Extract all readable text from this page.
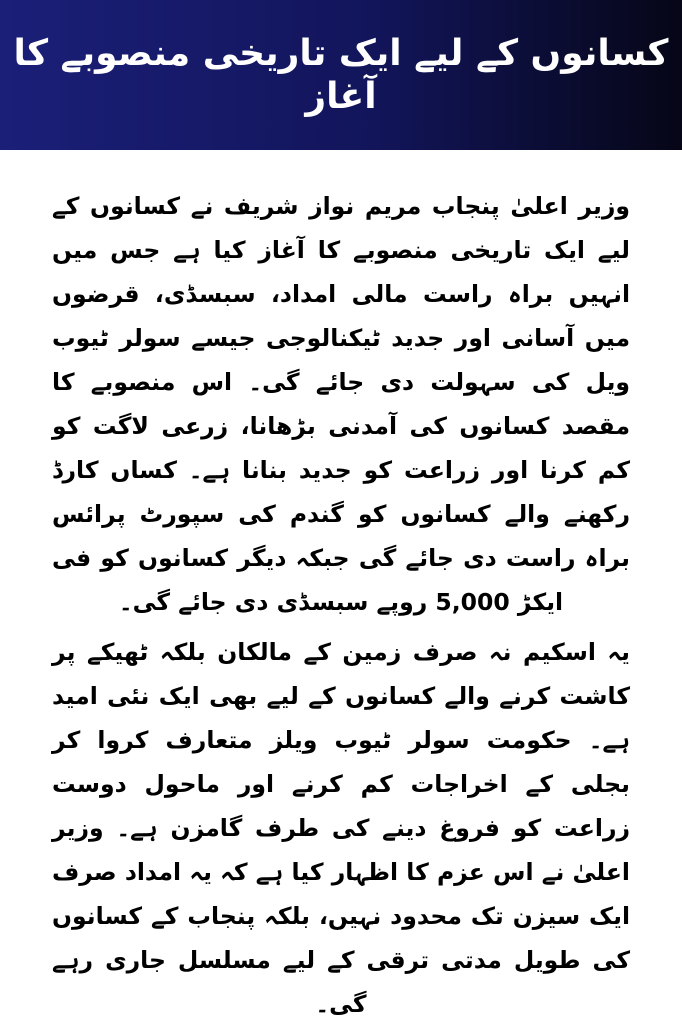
کسانوں کے لیے ایک تاریخی منصوبے کا آغاز
وزیر اعلیٰ پنجاب مریم نواز شریف نے کسانوں کے لیے ایک تاریخی منصوبے کا آغاز کیا ہے جس میں انہیں براہ راست مالی امداد، سبسڈی، قرضوں میں آسانی اور جدید ٹیکنالوجی جیسے سولر ٹیوب ویل کی سہولت دی جائے گی۔ اس منصوبے کا مقصد کسانوں کی آمدنی بڑھانا، زرعی لاگت کو کم کرنا اور زراعت کو جدید بنانا ہے۔ کساں کارڈ رکھنے والے کسانوں کو گندم کی سپورٹ پرائس براہ راست دی جائے گی جبکہ دیگر کسانوں کو فی ایکڑ 5,000 روپے سبسڈی دی جائے گی۔
یہ اسکیم نہ صرف زمین کے مالکان بلکہ ٹھیکے پر کاشت کرنے والے کسانوں کے لیے بھی ایک نئی امید ہے۔ حکومت سولر ٹیوب ویلز متعارف کروا کر بجلی کے اخراجات کم کرنے اور ماحول دوست زراعت کو فروغ دینے کی طرف گامزن ہے۔ وزیر اعلیٰ نے اس عزم کا اظہار کیا ہے کہ یہ امداد صرف ایک سیزن تک محدود نہیں، بلکہ پنجاب کے کسانوں کی طویل مدتی ترقی کے لیے مسلسل جاری رہے گی۔
